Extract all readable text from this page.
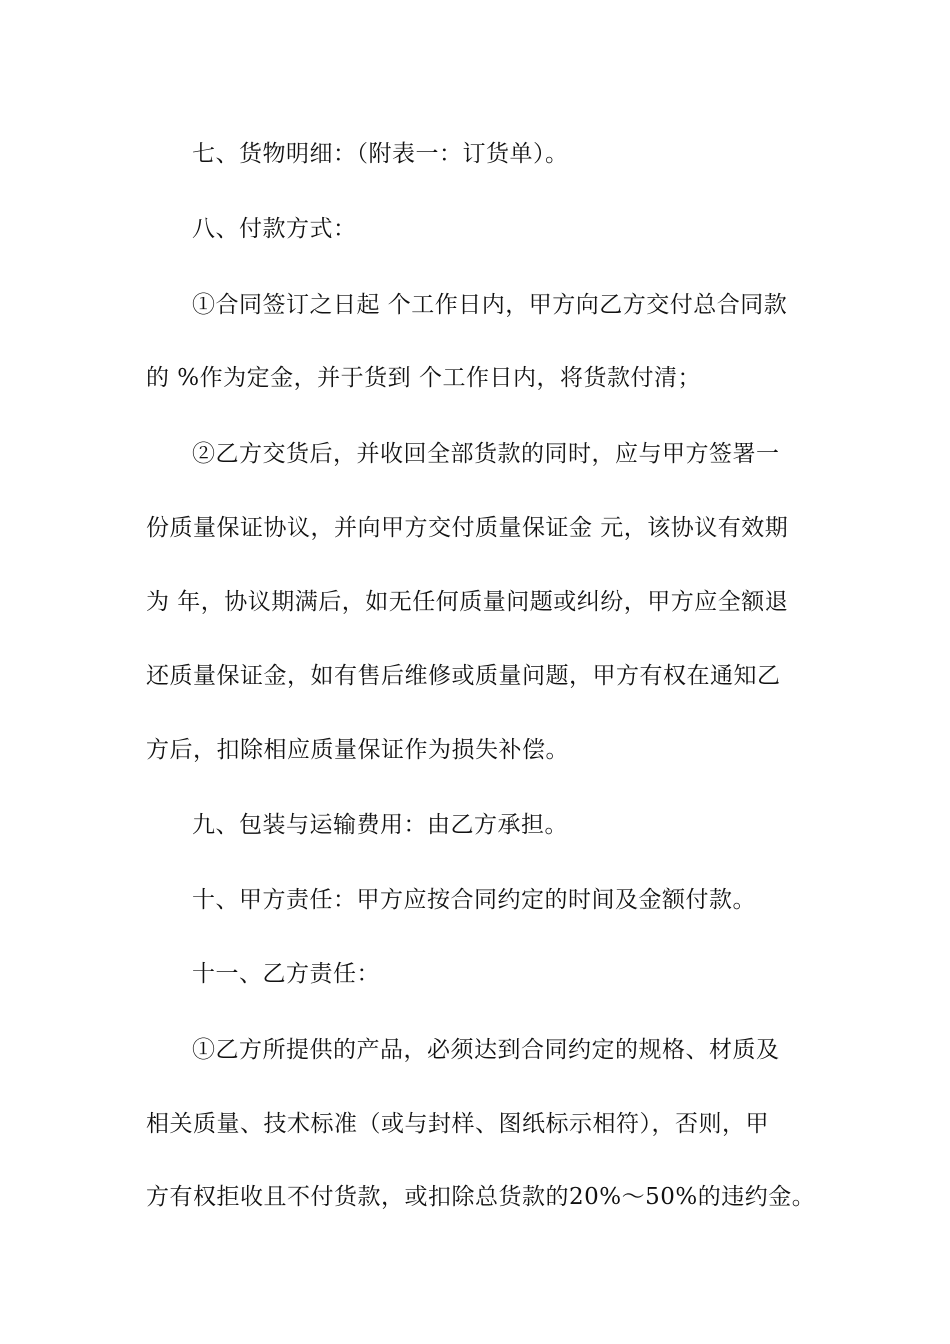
七、货物明细：（附表一：订货单）。
八、付款方式：
①合同签订之日起 个工作日内，甲方向乙方交付总合同款
的 %作为定金，并于货到 个工作日内，将货款付清；
②乙方交货后，并收回全部货款的同时，应与甲方签署一
份质量保证协议，并向甲方交付质量保证金 元，该协议有效期
为 年，协议期满后，如无任何质量问题或纠纷，甲方应全额退
还质量保证金，如有售后维修或质量问题，甲方有权在通知乙
方后，扣除相应质量保证作为损失补偿。
九、包装与运输费用：由乙方承担。
十、甲方责任：甲方应按合同约定的时间及金额付款。
十一、乙方责任：
①乙方所提供的产品，必须达到合同约定的规格、材质及
相关质量、技术标准（或与封样、图纸标示相符），否则，甲
方有权拒收且不付货款，或扣除总货款的20%～50%的违约金。
